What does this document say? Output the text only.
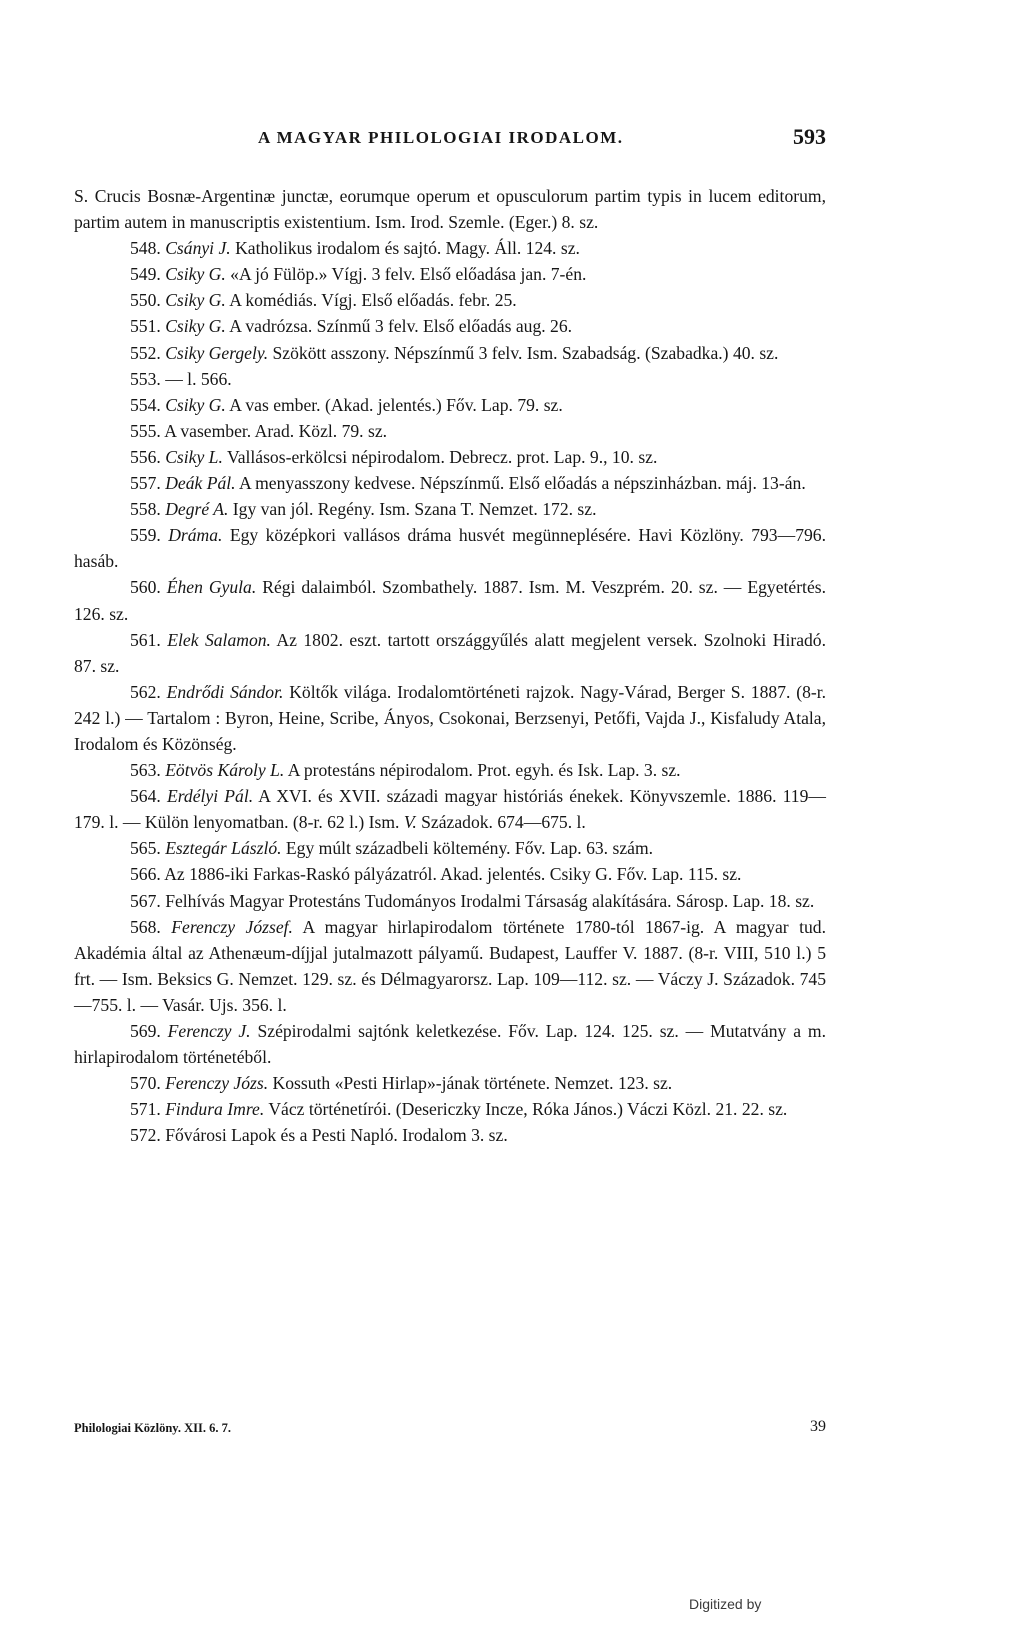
A MAGYAR PHILOLOGIAI IRODALOM.	593

S. Crucis Bosnæ-Argentinæ junctæ, eorumque operum et opusculorum partim typis in lucem editorum, partim autem in manuscriptis existentium. Ism. Irod. Szemle. (Eger.) 8. sz.

548. Csányi J. Katholikus irodalom és sajtó. Magy. Áll. 124. sz.

549. Csiky G. «A jó Fülöp.» Vígj. 3 felv. Első előadása jan. 7-én.

550. Csiky G. A komédiás. Vígj. Első előadás. febr. 25.

551. Csiky G. A vadrózsa. Színmű 3 felv. Első előadás aug. 26.

552. Csiky Gergely. Szökött asszony. Népszínmű 3 felv. Ism. Szabadság. (Szabadka.) 40. sz.

553. — l. 566.

554. Csiky G. A vas ember. (Akad. jelentés.) Főv. Lap. 79. sz.

555. A vasember. Arad. Közl. 79. sz.

556. Csiky L. Vallásos-erkölcsi népirodalom. Debrecz. prot. Lap. 9., 10. sz.

557. Deák Pál. A menyasszony kedvese. Népszínmű. Első előadás a népszinházban. máj. 13-án.

558. Degré A. Igy van jól. Regény. Ism. Szana T. Nemzet. 172. sz.

559. Dráma. Egy középkori vallásos dráma husvét megünneplésére. Havi Közlöny. 793—796. hasáb.

560. Éhen Gyula. Régi dalaimból. Szombathely. 1887. Ism. M. Veszprém. 20. sz. — Egyetértés. 126. sz.

561. Elek Salamon. Az 1802. eszt. tartott országgyűlés alatt megjelent versek. Szolnoki Hiradó. 87. sz.

562. Endrődi Sándor. Költők világa. Irodalomtörténeti rajzok. Nagy-Várad, Berger S. 1887. (8-r. 242 l.) — Tartalom : Byron, Heine, Scribe, Ányos, Csokonai, Berzsenyi, Petőfi, Vajda J., Kisfaludy Atala, Irodalom és Közönség.

563. Eötvös Károly L. A protestáns népirodalom. Prot. egyh. és Isk. Lap. 3. sz.

564. Erdélyi Pál. A XVI. és XVII. századi magyar históriás énekek. Könyvszemle. 1886. 119—179. l. — Külön lenyomatban. (8-r. 62 l.) Ism. V. Századok. 674—675. l.

565. Esztegár László. Egy múlt századbeli költemény. Főv. Lap. 63. szám.

566. Az 1886-iki Farkas-Raskó pályázatról. Akad. jelentés. Csiky G. Főv. Lap. 115. sz.

567. Felhívás Magyar Protestáns Tudományos Irodalmi Társaság alakítására. Sárosp. Lap. 18. sz.

568. Ferenczy József. A magyar hirlapirodalom története 1780-tól 1867-ig. A magyar tud. Akadémia által az Athenæum-díjjal jutalmazott pályamű. Budapest, Lauffer V. 1887. (8-r. VIII, 510 l.) 5 frt. — Ism. Beksics G. Nemzet. 129. sz. és Délmagyarorsz. Lap. 109—112. sz. — Váczy J. Századok. 745—755. l. — Vasár. Ujs. 356. l.

569. Ferenczy J. Szépirodalmi sajtónk keletkezése. Főv. Lap. 124. 125. sz. — Mutatvány a m. hirlapirodalom történetéből.

570. Ferenczy Józs. Kossuth «Pesti Hirlap»-jának története. Nemzet. 123. sz.

571. Findura Imre. Vácz történetírói. (Desericzky Incze, Róka János.) Váczi Közl. 21. 22. sz.

572. Fővárosi Lapok és a Pesti Napló. Irodalom 3. sz.

Philologiai Közlöny. XII. 6. 7.	39
Digitized by
